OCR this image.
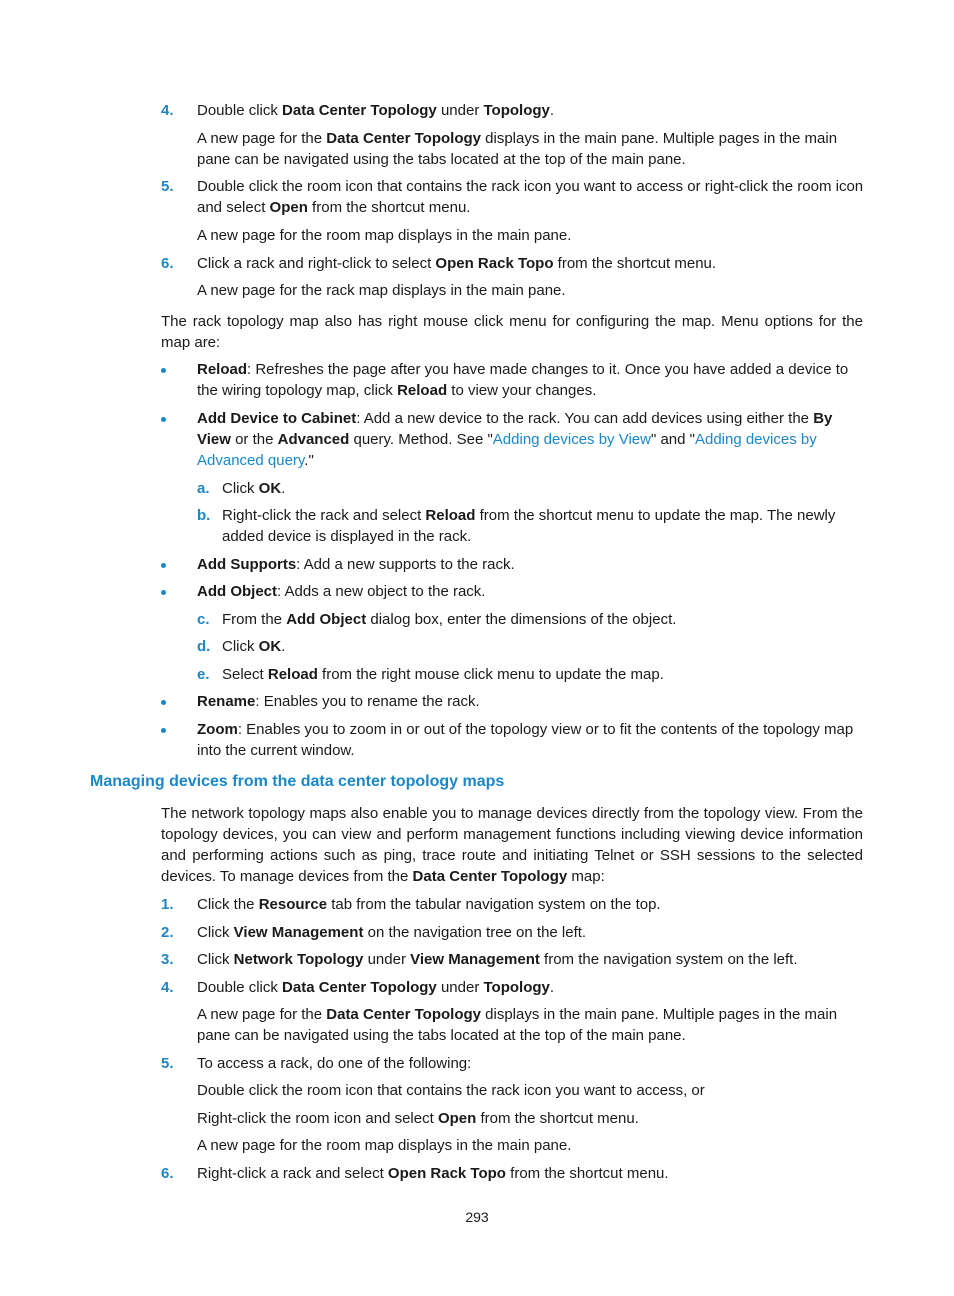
4. Double click Data Center Topology under Topology.
A new page for the Data Center Topology displays in the main pane. Multiple pages in the main pane can be navigated using the tabs located at the top of the main pane.
5. Double click the room icon that contains the rack icon you want to access or right-click the room icon and select Open from the shortcut menu.
A new page for the room map displays in the main pane.
6. Click a rack and right-click to select Open Rack Topo from the shortcut menu.
A new page for the rack map displays in the main pane.
The rack topology map also has right mouse click menu for configuring the map. Menu options for the map are:
Reload: Refreshes the page after you have made changes to it. Once you have added a device to the wiring topology map, click Reload to view your changes.
Add Device to Cabinet: Add a new device to the rack. You can add devices using either the By View or the Advanced query. Method. See "Adding devices by View" and "Adding devices by Advanced query."
a. Click OK.
b. Right-click the rack and select Reload from the shortcut menu to update the map. The newly added device is displayed in the rack.
Add Supports: Add a new supports to the rack.
Add Object: Adds a new object to the rack.
c. From the Add Object dialog box, enter the dimensions of the object.
d. Click OK.
e. Select Reload from the right mouse click menu to update the map.
Rename: Enables you to rename the rack.
Zoom: Enables you to zoom in or out of the topology view or to fit the contents of the topology map into the current window.
Managing devices from the data center topology maps
The network topology maps also enable you to manage devices directly from the topology view. From the topology devices, you can view and perform management functions including viewing device information and performing actions such as ping, trace route and initiating Telnet or SSH sessions to the selected devices. To manage devices from the Data Center Topology map:
1. Click the Resource tab from the tabular navigation system on the top.
2. Click View Management on the navigation tree on the left.
3. Click Network Topology under View Management from the navigation system on the left.
4. Double click Data Center Topology under Topology.
A new page for the Data Center Topology displays in the main pane. Multiple pages in the main pane can be navigated using the tabs located at the top of the main pane.
5. To access a rack, do one of the following:
Double click the room icon that contains the rack icon you want to access, or
Right-click the room icon and select Open from the shortcut menu.
A new page for the room map displays in the main pane.
6. Right-click a rack and select Open Rack Topo from the shortcut menu.
293
